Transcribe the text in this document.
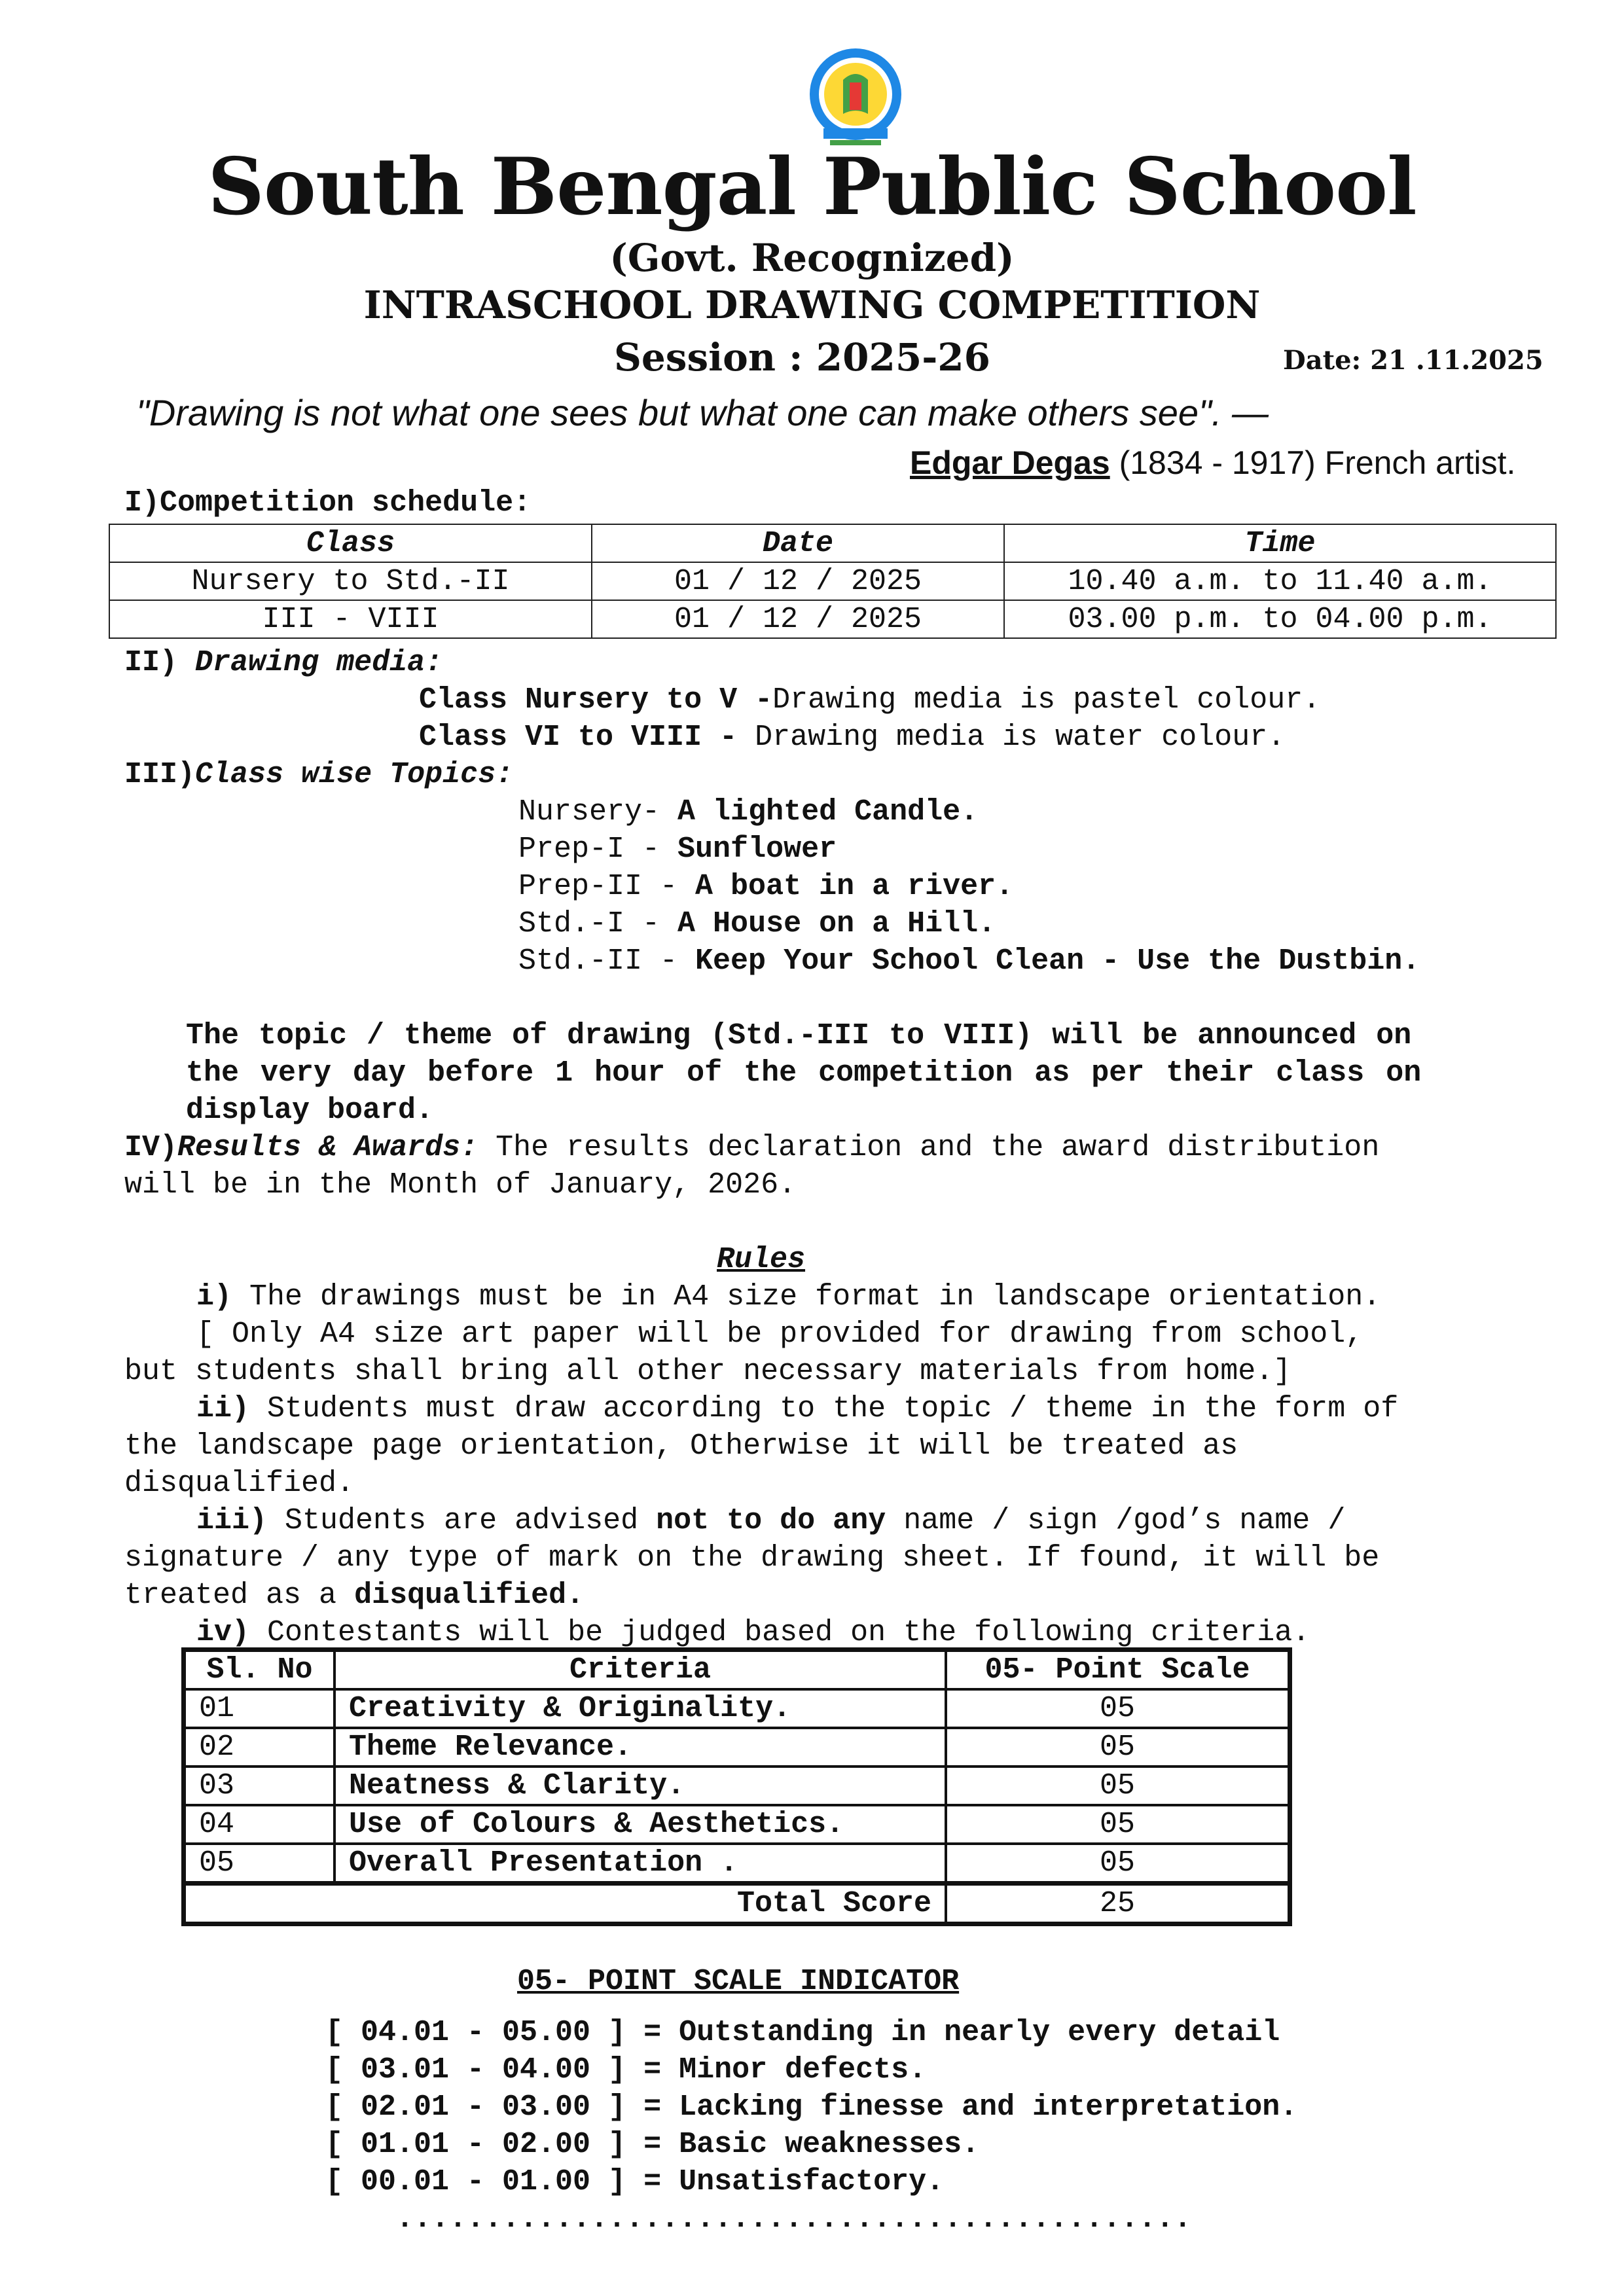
South Bengal Public School
(Govt. Recognized)
INTRASCHOOL DRAWING COMPETITION
Session : 2025-26	Date: 21 .11.2025
"Drawing is not what one sees but what one can make others see". —
Edgar Degas (1834 - 1917) French artist.
I)Competition schedule:
Class	Date	Time
Nursery to Std.-II	01 / 12 / 2025	10.40 a.m. to 11.40 a.m.
III - VIII	01 / 12 / 2025	03.00 p.m. to 04.00 p.m.
II) Drawing media:
Class Nursery to V -Drawing media is pastel colour.
Class VI to VIII - Drawing media is water colour.
III)Class wise Topics:
Nursery- A lighted Candle.
Prep-I - Sunflower
Prep-II - A boat in a river.
Std.-I - A House on a Hill.
Std.-II - Keep Your School Clean - Use the Dustbin.
The topic / theme of drawing (Std.-III to VIII) will be announced on
the very day before 1 hour of the competition as per their class on
display board.
IV)Results & Awards: The results declaration and the award distribution
will be in the Month of January, 2026.
Rules
i) The drawings must be in A4 size format in landscape orientation.
[ Only A4 size art paper will be provided for drawing from school,
but students shall bring all other necessary materials from home.]
ii) Students must draw according to the topic / theme in the form of
the landscape page orientation, Otherwise it will be treated as
disqualified.
iii) Students are advised not to do any name / sign /god’s name /
signature / any type of mark on the drawing sheet. If found, it will be
treated as a disqualified.
iv) Contestants will be judged based on the following criteria.
Sl. No	Criteria	05- Point Scale
01	Creativity & Originality.	05
02	Theme Relevance.	05
03	Neatness & Clarity.	05
04	Use of Colours & Aesthetics.	05
05	Overall Presentation .	05
Total Score		25
05- POINT SCALE INDICATOR
[ 04.01 - 05.00 ] = Outstanding in nearly every detail
[ 03.01 - 04.00 ] = Minor defects.
[ 02.01 - 03.00 ] = Lacking finesse and interpretation.
[ 01.01 - 02.00 ] = Basic weaknesses.
[ 00.01 - 01.00 ] = Unsatisfactory.
.............................................
